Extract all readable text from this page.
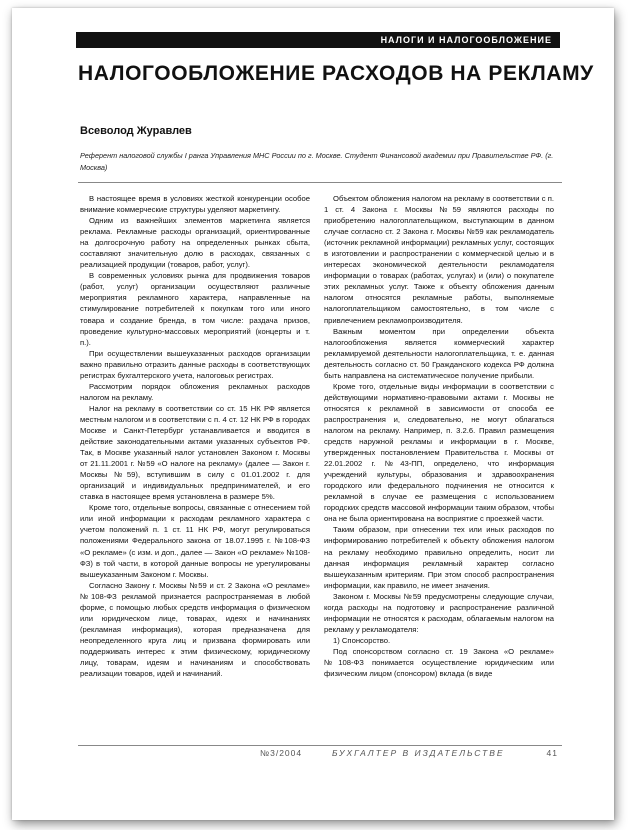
НАЛОГИ И НАЛОГООБЛОЖЕНИЕ
НАЛОГООБЛОЖЕНИЕ РАСХОДОВ НА РЕКЛАМУ
Всеволод Журавлев
Референт налоговой службы I ранга Управления МНС России по г. Москве. Студент Финансовой академии при Правительстве РФ. (г. Москва)

В настоящее время в условиях жесткой конкуренции особое внимание коммерческие структуры уделяют маркетингу.

Одним из важнейших элементов маркетинга является реклама. Рекламные расходы организаций, ориентированные на долгосрочную работу на определенных рынках сбыта, составляют значительную долю в расходах, связанных с реализацией продукции (товаров, работ, услуг).

В современных условиях рынка для продвижения товаров (работ, услуг) организации осуществляют различные мероприятия рекламного характера, направленные на стимулирование потребителей к покупкам того или иного товара и создание бренда, в том числе: раздача призов, проведение культурно-массовых мероприятий (концерты и т. п.).

При осуществлении вышеуказанных расходов организации важно правильно отразить данные расходы в соответствующих регистрах бухгалтерского учета, налоговых регистрах.

Рассмотрим порядок обложения рекламных расходов налогом на рекламу.

Налог на рекламу в соответствии со ст. 15 НК РФ является местным налогом и в соответствии с п. 4 ст. 12 НК РФ в городах Москве и Санкт-Петербург устанавливается и вводится в действие законодательными актами указанных субъектов РФ. Так, в Москве указанный налог установлен Законом г. Москвы от 21.11.2001 г. №59 «О налоге на рекламу» (далее — Закон г. Москвы №59), вступившим в силу с 01.01.2002 г. для организаций и индивидуальных предпринимателей, и его ставка в настоящее время установлена в размере 5%.

Кроме того, отдельные вопросы, связанные с отнесением той или иной информации к расходам рекламного характера с учетом положений п. 1 ст. 11 НК РФ, могут регулироваться положениями Федерального закона от 18.07.1995 г. №108-ФЗ «О рекламе» (с изм. и доп., далее — Закон «О рекламе» №108-ФЗ) в той части, в которой данные вопросы не урегулированы вышеуказанным Законом г. Москвы.

Согласно Закону г. Москвы №59 и ст. 2 Закона «О рекламе» №108-ФЗ рекламой признается распространяемая в любой форме, с помощью любых средств информация о физическом или юридическом лице, товарах, идеях и начинаниях (рекламная информация), которая предназначена для неопределенного круга лиц и призвана формировать или поддерживать интерес к этим физическому, юридическому лицу, товарам, идеям и начинаниям и способствовать реализации товаров, идей и начинаний.

Объектом обложения налогом на рекламу в соответствии с п. 1 ст. 4 Закона г. Москвы №59 являются расходы по приобретению налогоплательщиком, выступающим в данном случае согласно ст. 2 Закона г. Москвы №59 как рекламодатель (источник рекламной информации) рекламных услуг, состоящих в изготовлении и распространении с коммерческой целью и в интересах экономической деятельности рекламодателя информации о товарах (работах, услугах) и (или) о покупателе этих рекламных услуг. Также к объекту обложения данным налогом относятся рекламные работы, выполняемые налогоплательщиком самостоятельно, в том числе с привлечением рекламопроизводителя.

Важным моментом при определении объекта налогообложения является коммерческий характер рекламируемой деятельности налогоплательщика, т. е. данная деятельность согласно ст. 50 Гражданского кодекса РФ должна быть направлена на систематическое получение прибыли.

Кроме того, отдельные виды информации в соответствии с действующими нормативно-правовыми актами г. Москвы не относятся к рекламной в зависимости от способа ее распространения и, следовательно, не могут облагаться налогом на рекламу. Например, п. 3.2.6. Правил размещения средств наружной рекламы и информации в г. Москве, утвержденных постановлением Правительства г. Москвы от 22.01.2002 г. №43-ПП, определено, что информация учреждений культуры, образования и здравоохранения городского или федерального подчинения не относится к рекламной в случае ее размещения с использованием городских средств массовой информации таким образом, чтобы она не была ориентирована на восприятие с проезжей части.

Таким образом, при отнесении тех или иных расходов по информированию потребителей к объекту обложения налогом на рекламу необходимо правильно определить, носит ли данная информация рекламный характер согласно вышеуказанным критериям. При этом способ распространения информации, как правило, не имеет значения.

Законом г. Москвы №59 предусмотрены следующие случаи, когда расходы на подготовку и распространение различной информации не относятся к расходам, облагаемым налогом на рекламу у рекламодателя:

1) Спонсорство.

Под спонсорством согласно ст. 19 Закона «О рекламе» №108-ФЗ понимается осуществление юридическим или физическим лицом (спонсором) вклада (в виде

№3/2004	БУХГАЛТЕР В ИЗДАТЕЛЬСТВЕ	41
